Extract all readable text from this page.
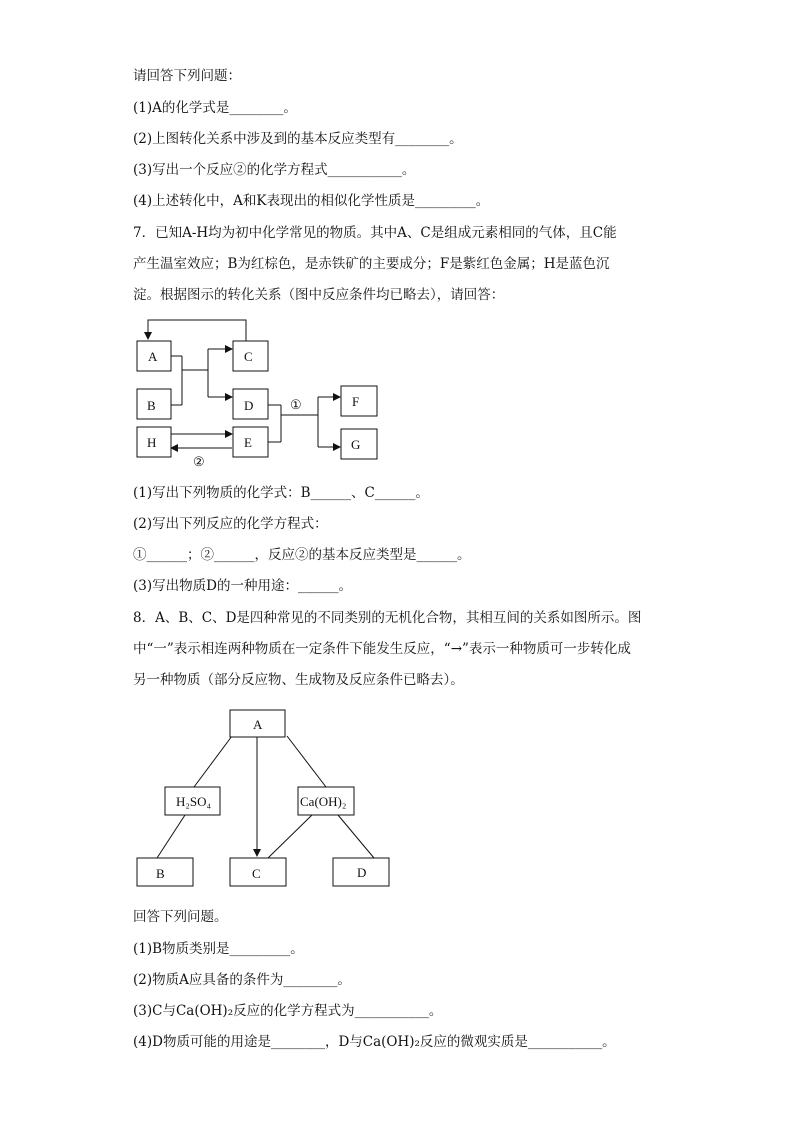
请回答下列问题：
(1)A的化学式是________。
(2)上图转化关系中涉及到的基本反应类型有________。
(3)写出一个反应②的化学方程式___________。
(4)上述转化中，A和K表现出的相似化学性质是_________。
7．已知A-H均为初中化学常见的物质。其中A、C是组成元素相同的气体，且C能
产生温室效应；B为红棕色，是赤铁矿的主要成分；F是紫红色金属；H是蓝色沉
淀。根据图示的转化关系（图中反应条件均已略去），请回答：
A
B
H
C
D
E
F
G
①
②
(1)写出下列物质的化学式：B______、C______。
(2)写出下列反应的化学方程式：
①______；②______，反应②的基本反应类型是______。
(3)写出物质D的一种用途：______。
8．A、B、C、D是四种常见的不同类别的无机化合物，其相互间的关系如图所示。图
中“一”表示相连两种物质在一定条件下能发生反应，“→”表示一种物质可一步转化成
另一种物质（部分反应物、生成物及反应条件已略去）。
A
H₂SO₄	Ca(OH)₂
B	C	D
回答下列问题。
(1)B物质类别是_________。
(2)物质A应具备的条件为________。
(3)C与Ca(OH)₂反应的化学方程式为___________。
(4)D物质可能的用途是________，D与Ca(OH)₂反应的微观实质是___________。
